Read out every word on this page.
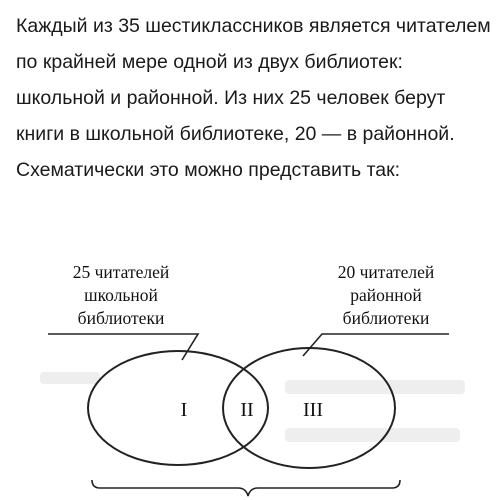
Каждый из 35 шестиклассников является читателем по крайней мере одной из двух библиотек: школьной и районной. Из них 25 человек берут книги в школьной библиотеке, 20 — в районной. Схематически это можно представить так:

25 читателей
школьной
библиотеки
20 читателей
районной
библиотеки
I	II III
